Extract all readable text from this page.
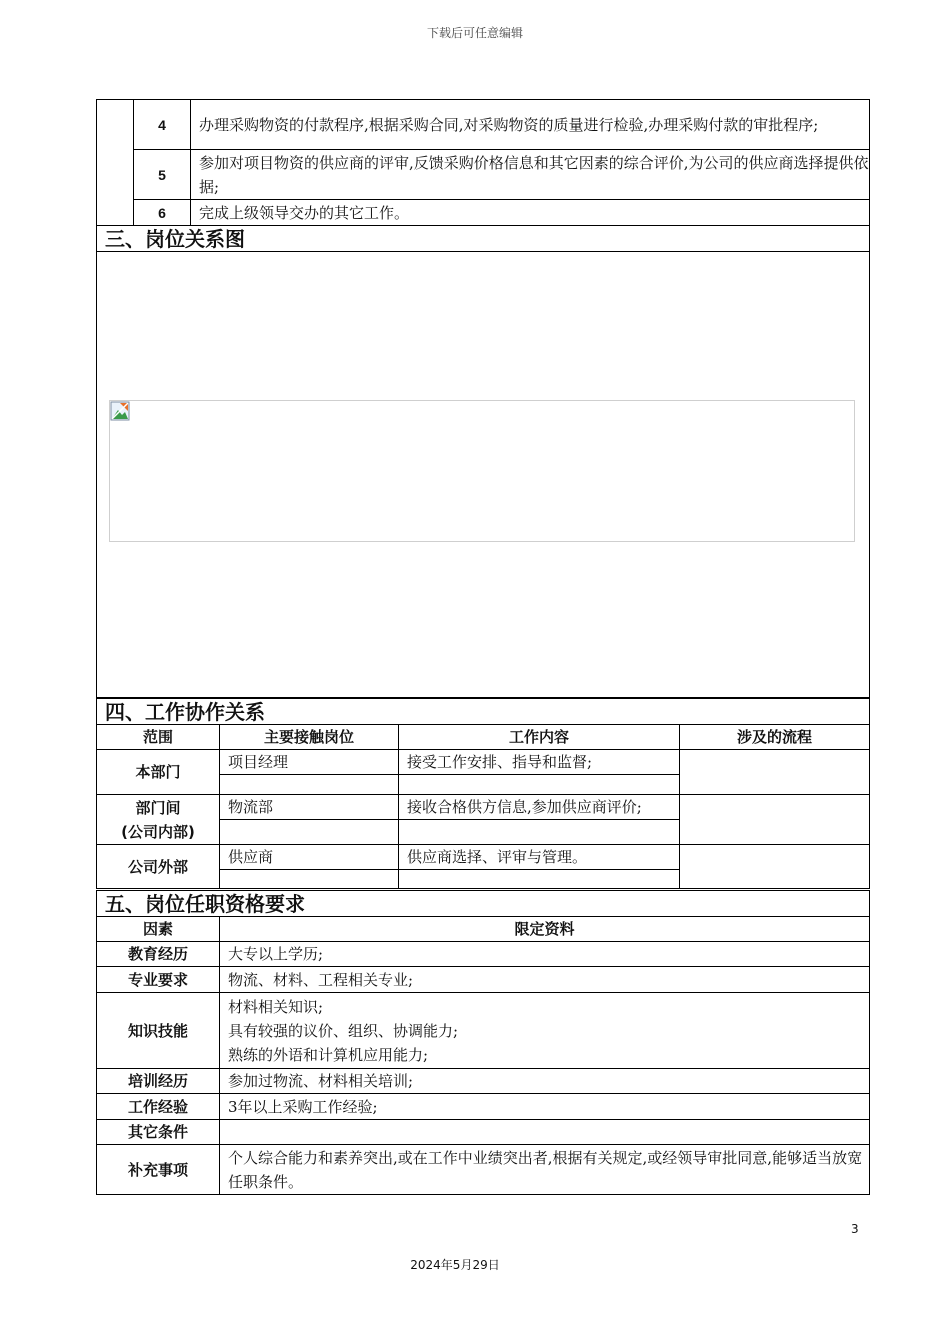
下载后可任意编辑
	4	办理采购物资的付款程序,根据采购合同,对采购物资的质量进行检验,办理采购付款的审批程序;
	5	参加对项目物资的供应商的评审,反馈采购价格信息和其它因素的综合评价,为公司的供应商选择提供依据;
	6	完成上级领导交办的其它工作。
三、岗位关系图		

四、工作协作关系			
范围	主要接触岗位	工作内容	涉及的流程
本部门	项目经理	接受工作安排、指导和监督;	

部门间
(公司内部)	物流部	接收合格供方信息,参加供应商评价;	

公司外部	供应商	供应商选择、评审与管理。	

五、岗位任职资格要求	
因素	限定资料
教育经历	大专以上学历;
专业要求	物流、材料、工程相关专业;
知识技能	材料相关知识;
具有较强的议价、组织、协调能力;
熟练的外语和计算机应用能力;

培训经历	参加过物流、材料相关培训;
工作经验	3年以上采购工作经验;
其它条件	
补充事项	个人综合能力和素养突出,或在工作中业绩突出者,根据有关规定,或经领导审批同意,能够适当放宽任职条件。
3
2024年5月29日
